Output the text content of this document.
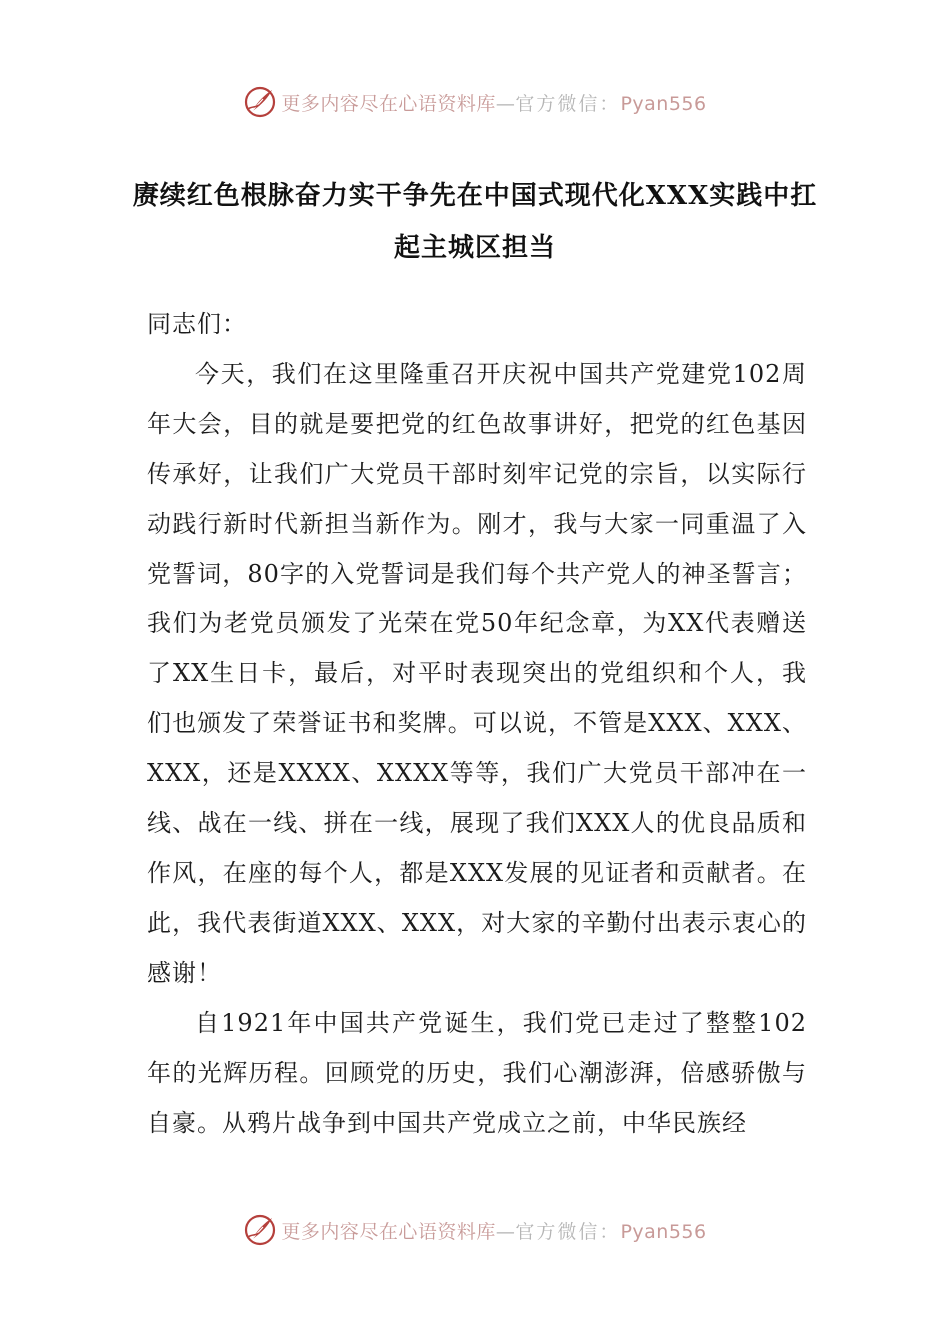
更多内容尽在心语资料库—官方微信：Pyan556
赓续红色根脉奋力实干争先在中国式现代化XXX实践中扛起主城区担当

同志们：

今天，我们在这里隆重召开庆祝中国共产党建党102周年大会，目的就是要把党的红色故事讲好，把党的红色基因传承好，让我们广大党员干部时刻牢记党的宗旨，以实际行动践行新时代新担当新作为。刚才，我与大家一同重温了入党誓词，80字的入党誓词是我们每个共产党人的神圣誓言；我们为老党员颁发了光荣在党50年纪念章，为XX代表赠送了XX生日卡，最后，对平时表现突出的党组织和个人，我们也颁发了荣誉证书和奖牌。可以说，不管是XXX、XXX、XXX，还是XXXX、XXXX等等，我们广大党员干部冲在一线、战在一线、拼在一线，展现了我们XXX人的优良品质和作风，在座的每个人，都是XXX发展的见证者和贡献者。在此，我代表街道XXX、XXX，对大家的辛勤付出表示衷心的感谢！

自1921年中国共产党诞生，我们党已走过了整整102年的光辉历程。回顾党的历史，我们心潮澎湃，倍感骄傲与自豪。从鸦片战争到中国共产党成立之前，中华民族经

更多内容尽在心语资料库—官方微信：Pyan556
